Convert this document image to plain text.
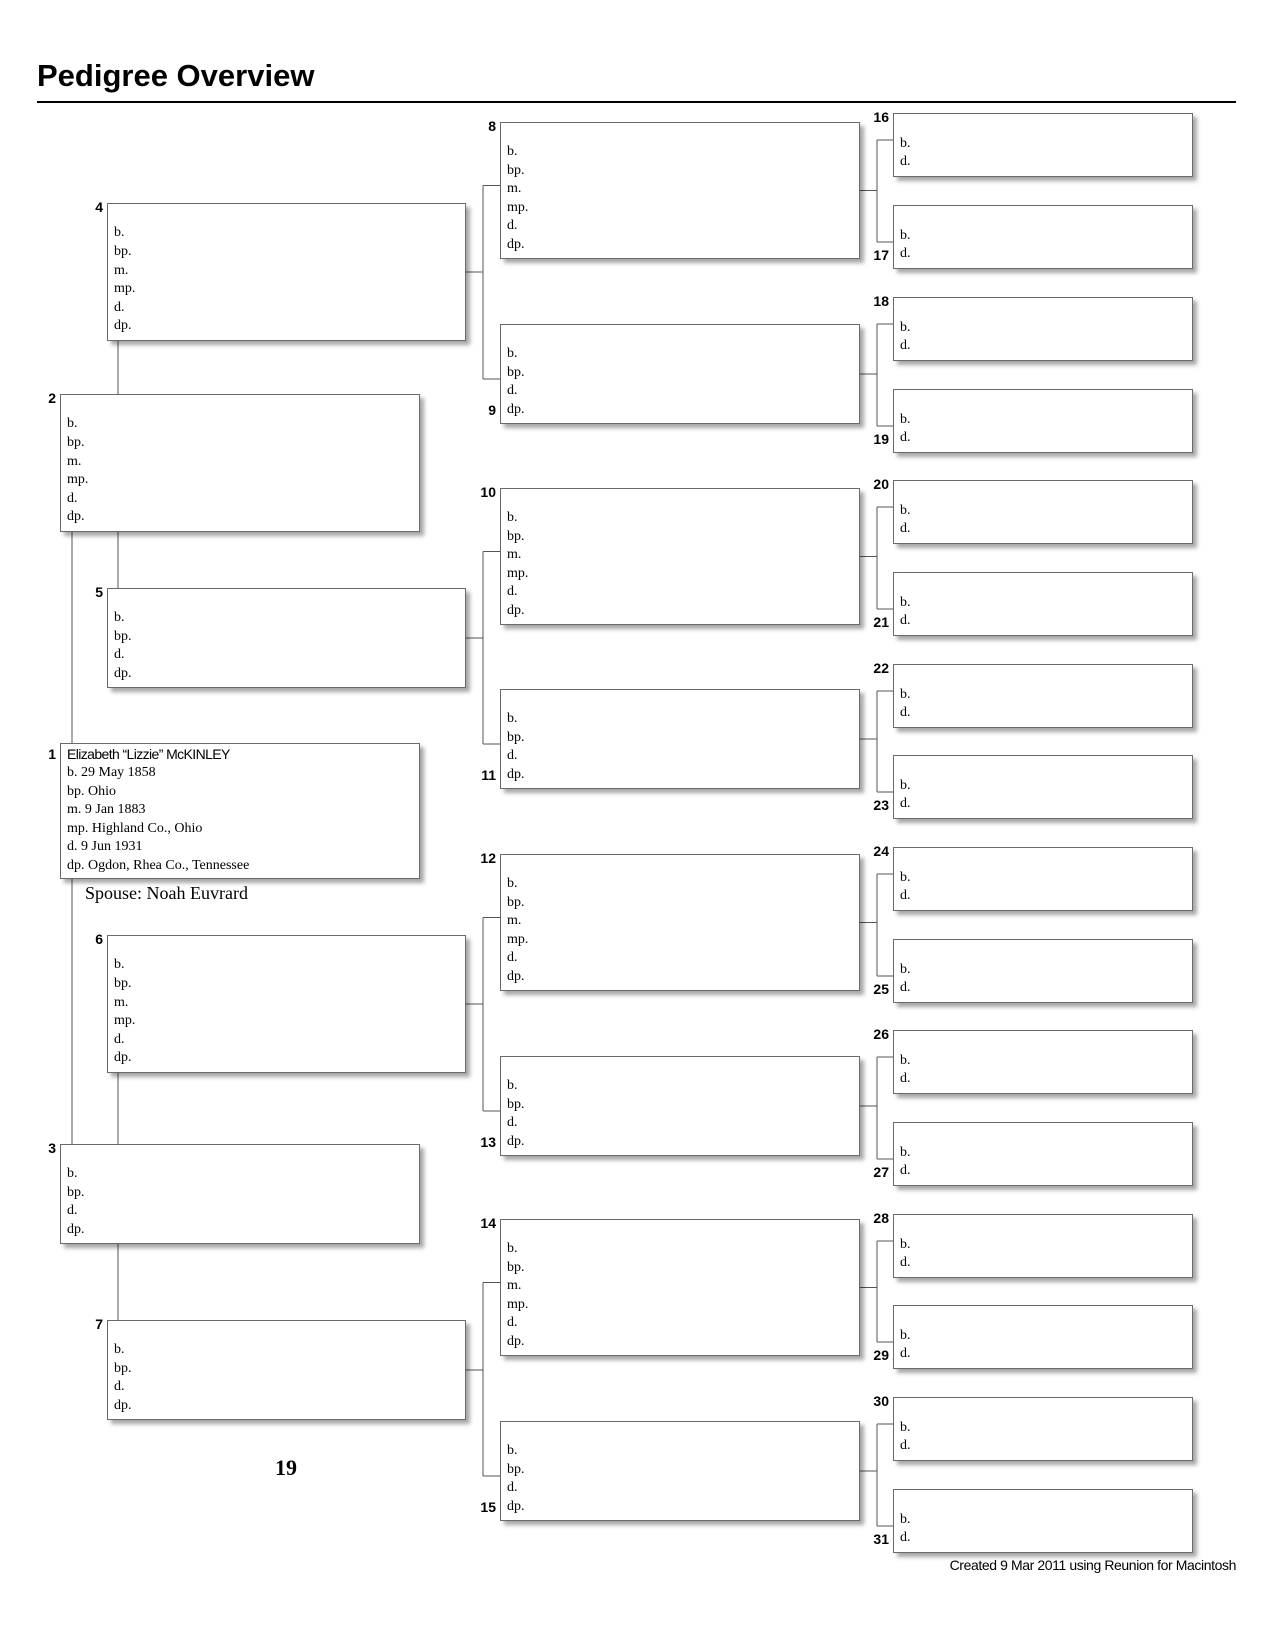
Pedigree Overview
Elizabeth “Lizzie” McKINLEY
b. 29 May 1858
bp. Ohio
m. 9 Jan 1883
mp. Highland Co., Ohio
d. 9 Jun 1931
dp. Ogdon, Rhea Co., Tennessee
1
b.
bp.
m.
mp.
d.
dp.
2
b.
bp.
d.
dp.
3
b.
bp.
m.
mp.
d.
dp.
4
b.
bp.
d.
dp.
5
b.
bp.
m.
mp.
d.
dp.
6
b.
bp.
d.
dp.
7
b.
bp.
m.
mp.
d.
dp.
8
b.
bp.
d.
dp.
9
b.
bp.
m.
mp.
d.
dp.
10
b.
bp.
d.
dp.
11
b.
bp.
m.
mp.
d.
dp.
12
b.
bp.
d.
dp.
13
b.
bp.
m.
mp.
d.
dp.
14
b.
bp.
d.
dp.
15
b.
d.
16
b.
d.
17
b.
d.
18
b.
d.
19
b.
d.
20
b.
d.
21
b.
d.
22
b.
d.
23
b.
d.
24
b.
d.
25
b.
d.
26
b.
d.
27
b.
d.
28
b.
d.
29
b.
d.
30
b.
d.
31
Spouse: Noah Euvrard
19
Created 9 Mar 2011 using Reunion for Macintosh
